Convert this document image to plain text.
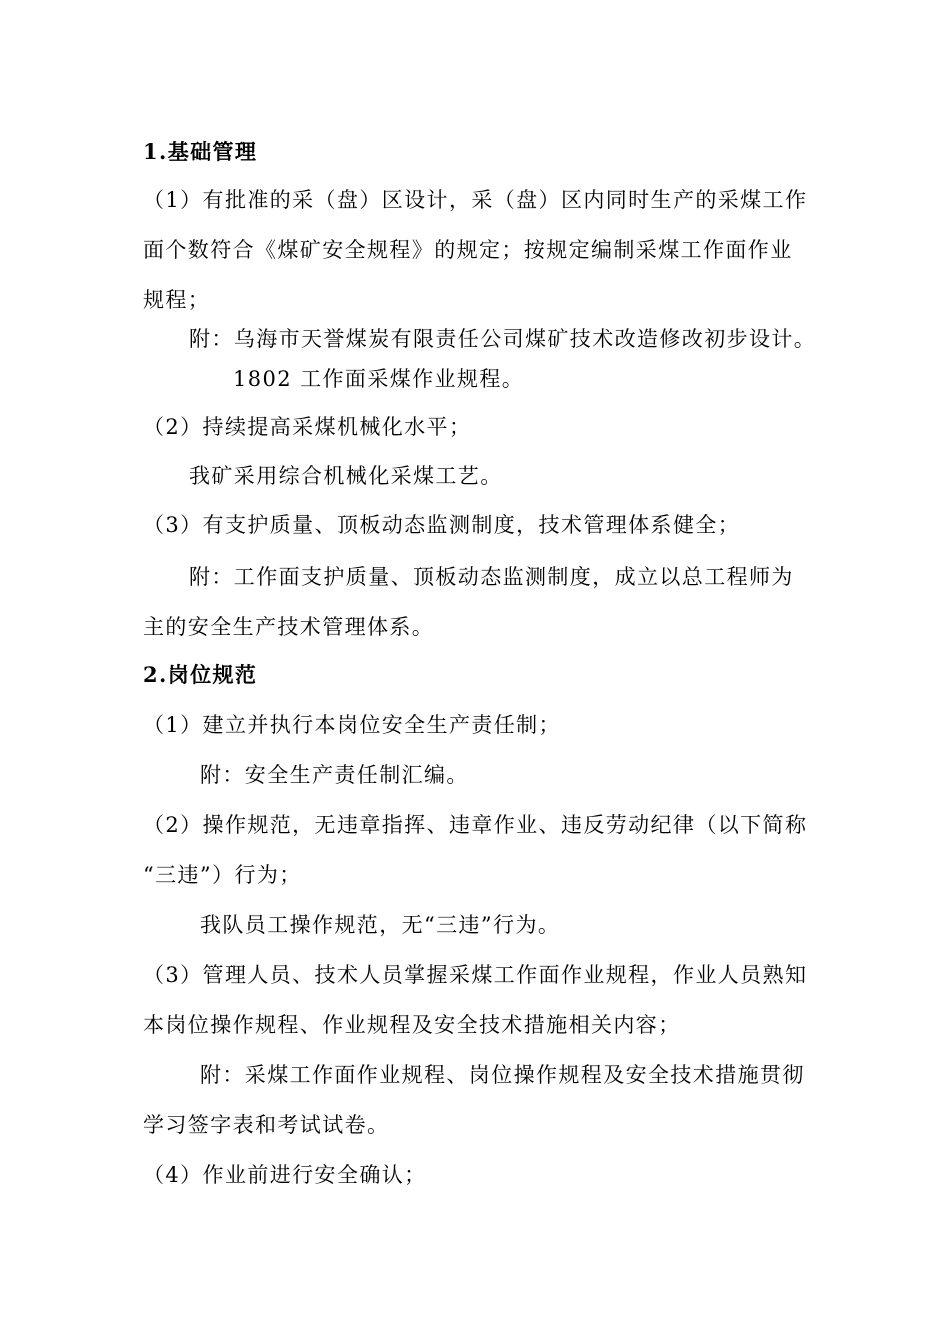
1.基础管理
（1）有批准的采（盘）区设计，采（盘）区内同时生产的采煤工作
面个数符合《煤矿安全规程》的规定；按规定编制采煤工作面作业
规程；
附：乌海市天誉煤炭有限责任公司煤矿技术改造修改初步设计。
1802 工作面采煤作业规程。
（2）持续提高采煤机械化水平；
我矿采用综合机械化采煤工艺。
（3）有支护质量、顶板动态监测制度，技术管理体系健全；
附：工作面支护质量、顶板动态监测制度，成立以总工程师为
主的安全生产技术管理体系。
2.岗位规范
（1）建立并执行本岗位安全生产责任制；
附：安全生产责任制汇编。
（2）操作规范，无违章指挥、违章作业、违反劳动纪律（以下简称
“三违”）行为；
我队员工操作规范，无“三违”行为。
（3）管理人员、技术人员掌握采煤工作面作业规程，作业人员熟知
本岗位操作规程、作业规程及安全技术措施相关内容；
附：采煤工作面作业规程、岗位操作规程及安全技术措施贯彻
学习签字表和考试试卷。
（4）作业前进行安全确认；
